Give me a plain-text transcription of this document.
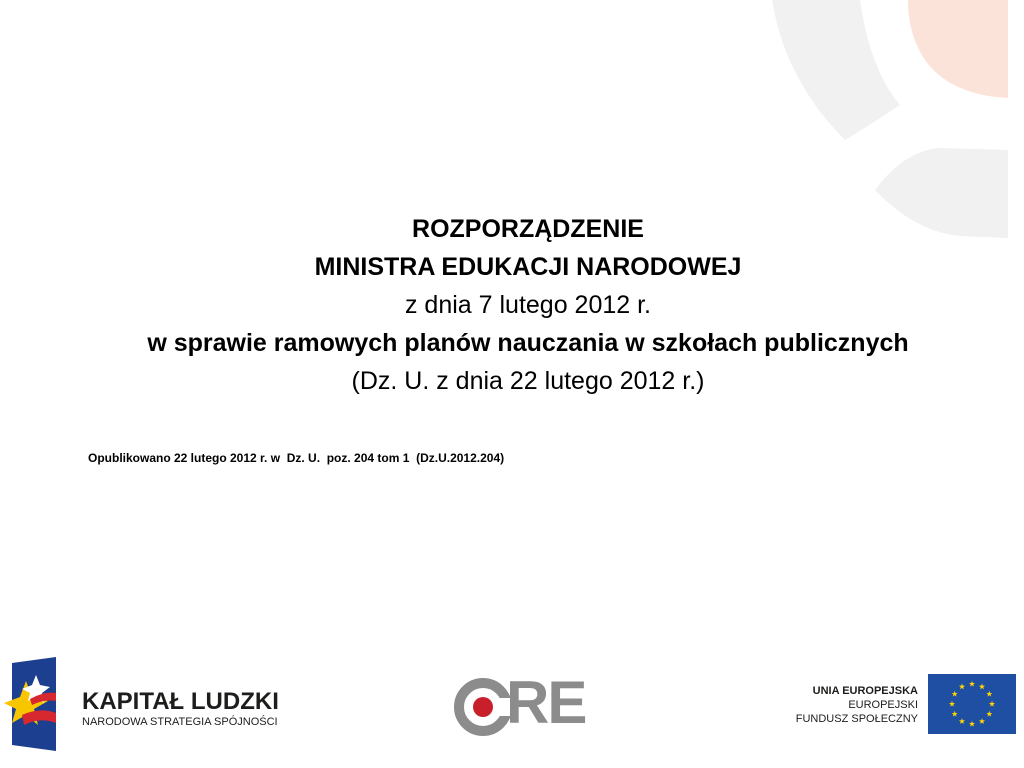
ROZPORZĄDZENIE
MINISTRA EDUKACJI NARODOWEJ
z dnia 7 lutego 2012 r.
w sprawie ramowych planów nauczania w szkołach publicznych
(Dz. U. z dnia 22 lutego 2012 r.)
Opublikowano 22 lutego 2012 r. w  Dz. U.  poz. 204 tom 1  (Dz.U.2012.204)
KAPITAŁ LUDZKI
NARODOWA STRATEGIA SPÓJNOŚCI	RE	UNIA EUROPEJSKA
EUROPEJSKI
FUNDUSZ SPOŁECZNY
